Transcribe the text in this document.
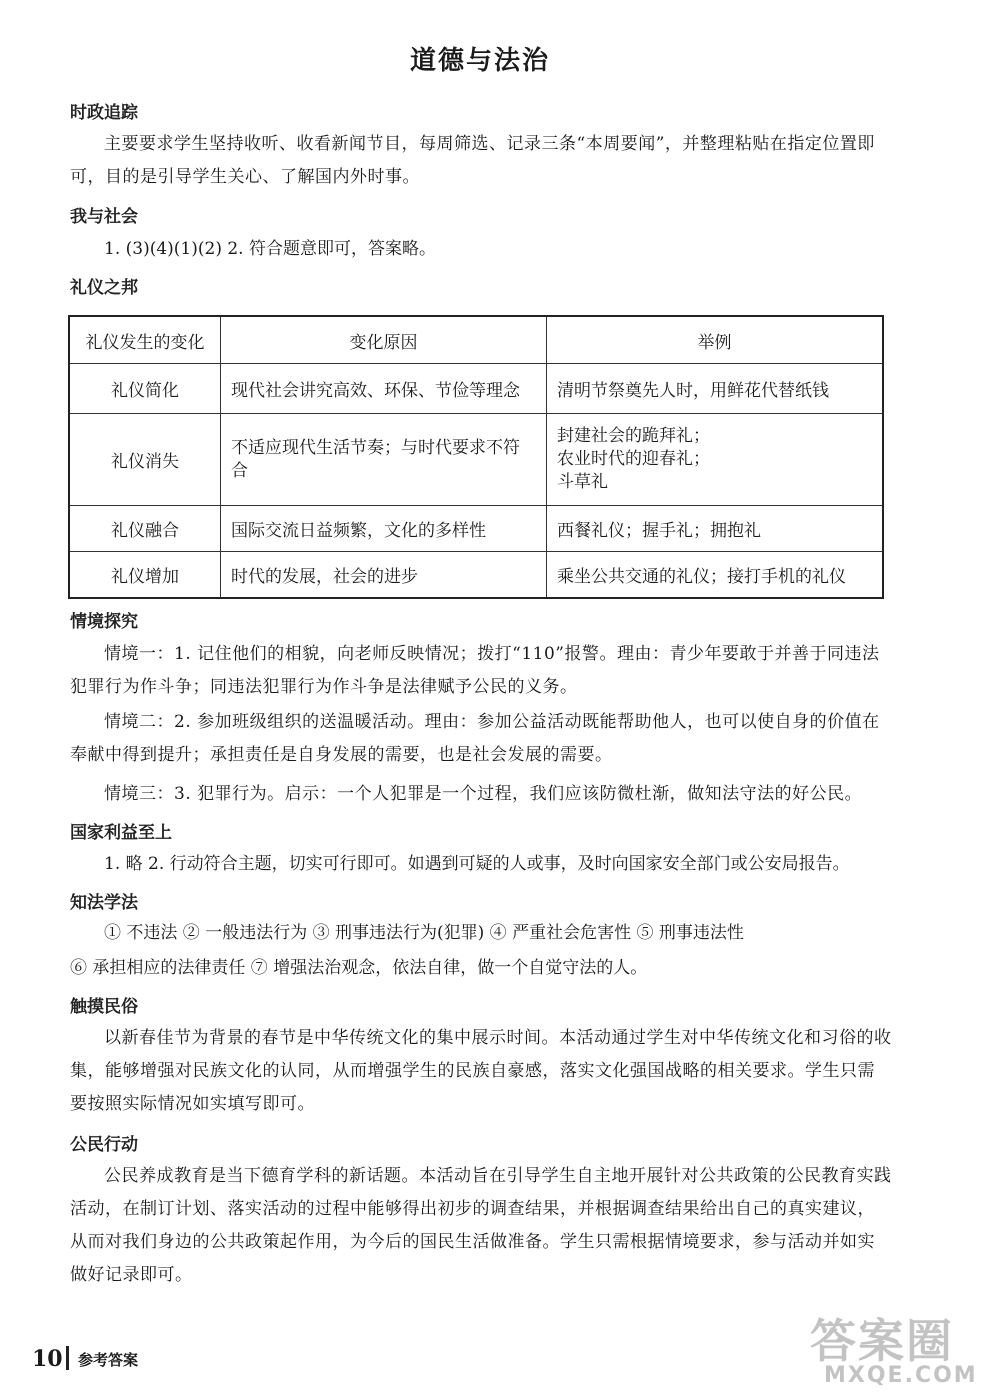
道德与法治
时政追踪
主要要求学生坚持收听、收看新闻节目，每周筛选、记录三条“本周要闻”，并整理粘贴在指定位置即可，目的是引导学生关心、了解国内外时事。
我与社会
1. (3)(4)(1)(2) 2. 符合题意即可，答案略。
礼仪之邦
礼仪发生的变化	变化原因	举例
礼仪简化	现代社会讲究高效、环保、节俭等理念	清明节祭奠先人时，用鲜花代替纸钱
礼仪消失	不适应现代生活节奏；与时代要求不符合	封建社会的跪拜礼；
农业时代的迎春礼；
斗草礼

礼仪融合	国际交流日益频繁，文化的多样性	西餐礼仪；握手礼；拥抱礼
礼仪增加	时代的发展，社会的进步	乘坐公共交通的礼仪；接打手机的礼仪
情境探究
情境一：1. 记住他们的相貌，向老师反映情况；拨打“110”报警。理由：青少年要敢于并善于同违法犯罪行为作斗争；同违法犯罪行为作斗争是法律赋予公民的义务。
情境二：2. 参加班级组织的送温暖活动。理由：参加公益活动既能帮助他人，也可以使自身的价值在奉献中得到提升；承担责任是自身发展的需要，也是社会发展的需要。
情境三：3. 犯罪行为。启示：一个人犯罪是一个过程，我们应该防微杜渐，做知法守法的好公民。
国家利益至上
1. 略 2. 行动符合主题，切实可行即可。如遇到可疑的人或事，及时向国家安全部门或公安局报告。
知法学法
① 不违法 ② 一般违法行为 ③ 刑事违法行为(犯罪) ④ 严重社会危害性 ⑤ 刑事违法性
⑥ 承担相应的法律责任 ⑦ 增强法治观念，依法自律，做一个自觉守法的人。
触摸民俗
以新春佳节为背景的春节是中华传统文化的集中展示时间。本活动通过学生对中华传统文化和习俗的收集，能够增强对民族文化的认同，从而增强学生的民族自豪感，落实文化强国战略的相关要求。学生只需要按照实际情况如实填写即可。
公民行动
公民养成教育是当下德育学科的新话题。本活动旨在引导学生自主地开展针对公共政策的公民教育实践活动，在制订计划、落实活动的过程中能够得出初步的调查结果，并根据调查结果给出自己的真实建议，从而对我们身边的公共政策起作用，为今后的国民生活做准备。学生只需根据情境要求，参与活动并如实做好记录即可。
10 参考答案	答案圈
MXQE.COM
